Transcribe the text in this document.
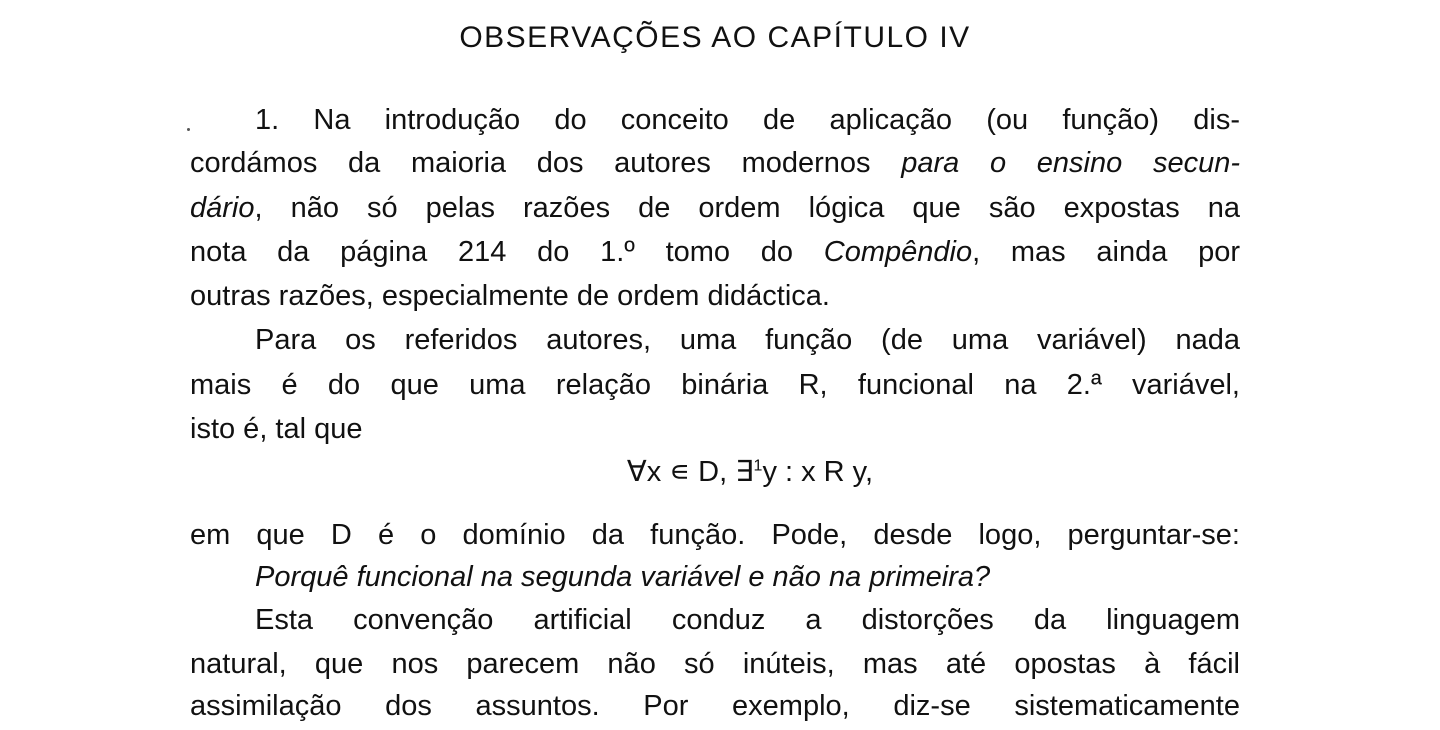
OBSERVAÇÕES AO CAPÍTULO IV
1. Na introdução do conceito de aplicação (ou função) dis-
cordámos da maioria dos autores modernos para o ensino secun-
dário, não só pelas razões de ordem lógica que são expostas na
nota da página 214 do 1.º tomo do Compêndio, mas ainda por
outras razões, especialmente de ordem didáctica.
Para os referidos autores, uma função (de uma variável) nada
mais é do que uma relação binária R, funcional na 2.ª variável,
isto é, tal que
∀x ∊ D, ∃$^1$y : x R y,
em que D é o domínio da função. Pode, desde logo, perguntar-se:
Porquê funcional na segunda variável e não na primeira?
Esta convenção artificial conduz a distorções da linguagem
natural, que nos parecem não só inúteis, mas até opostas à fácil
assimilação dos assuntos. Por exemplo, diz-se sistematicamente
